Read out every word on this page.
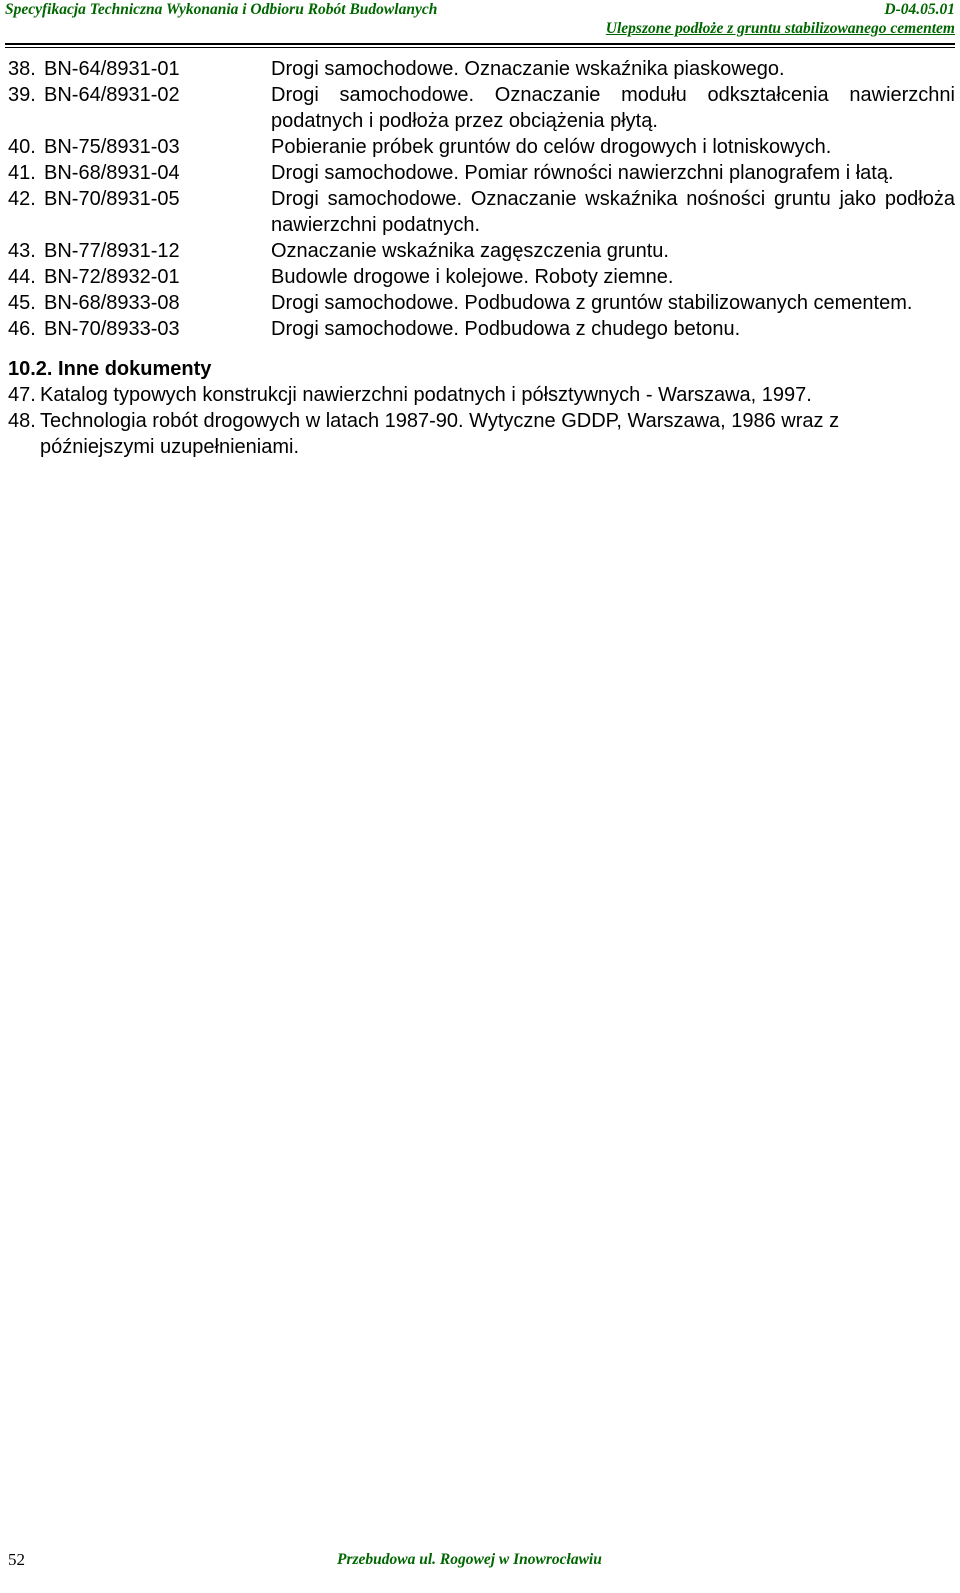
Specyfikacja Techniczna Wykonania i Odbioru Robót Budowlanych	D-04.05.01
Ulepszone podłoże z gruntu stabilizowanego cementem
38. BN-64/8931-01	Drogi samochodowe. Oznaczanie wskaźnika piaskowego.
39. BN-64/8931-02	Drogi samochodowe. Oznaczanie modułu odkształcenia nawierzchni podatnych i podłoża przez obciążenia płytą.
40. BN-75/8931-03	Pobieranie próbek gruntów do celów drogowych i lotniskowych.
41. BN-68/8931-04	Drogi samochodowe. Pomiar równości nawierzchni planografem i łatą.
42. BN-70/8931-05	Drogi samochodowe. Oznaczanie wskaźnika nośności gruntu jako podłoża nawierzchni podatnych.
43. BN-77/8931-12	Oznaczanie wskaźnika zagęszczenia gruntu.
44. BN-72/8932-01	Budowle drogowe i kolejowe. Roboty ziemne.
45. BN-68/8933-08	Drogi samochodowe. Podbudowa z gruntów stabilizowanych cementem.
46. BN-70/8933-03	Drogi samochodowe. Podbudowa z chudego betonu.
10.2. Inne dokumenty
47. Katalog typowych konstrukcji nawierzchni podatnych i półsztywnych - Warszawa, 1997.
48. Technologia robót drogowych w latach 1987-90. Wytyczne GDDP, Warszawa, 1986 wraz z późniejszymi uzupełnieniami.
52	Przebudowa ul. Rogowej w Inowrocławiu
